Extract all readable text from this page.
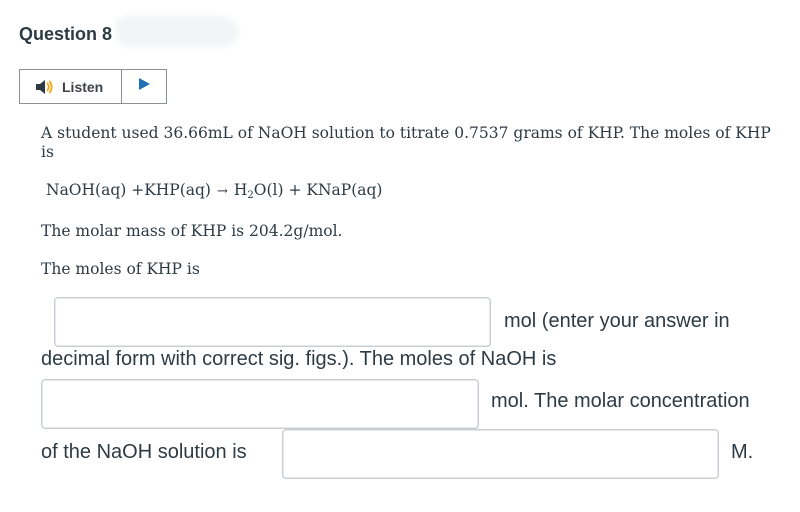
Question 8
Listen
A student used 36.66mL of NaOH solution to titrate 0.7537 grams of KHP. The moles of KHP is
NaOH(aq) $+KHP(aq) \to H_2O(l)$ + KNaP(aq)
The molar mass of KHP is 204.2g/mol.
The moles of KHP is
mol (enter your answer in
decimal form with correct sig. figs.). The moles of NaOH is
mol. The molar concentration
of the NaOH solution is	M.
